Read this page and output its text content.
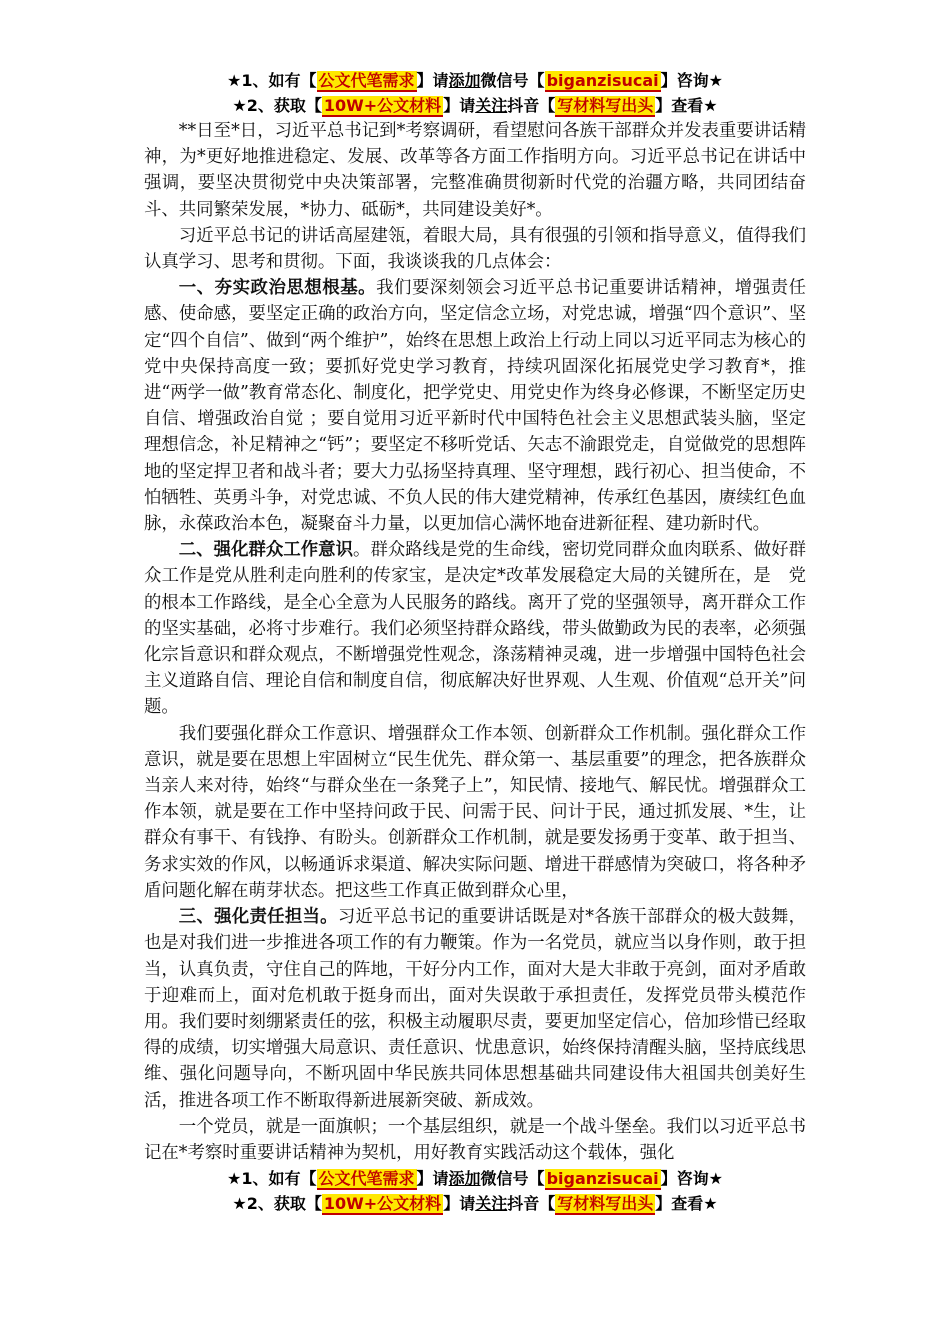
★1、如有【 公文代笔需求 】请添加微信号【 biganzisucai 】咨询★
★2、获取【 10W+公文材料 】请关注抖音【 写材料写出头 】查看★

**日至*日，习近平总书记到*考察调研，看望慰问各族干部群众并发表重要讲话精神，为*更好地推进稳定、发展、改革等各方面工作指明方向。习近平总书记在讲话中强调，要坚决贯彻党中央决策部署，完整准确贯彻新时代党的治疆方略，共同团结奋斗、共同繁荣发展，*协力、砥砺*，共同建设美好*。

习近平总书记的讲话高屋建瓴，着眼大局，具有很强的引领和指导意义，值得我们认真学习、思考和贯彻。下面，我谈谈我的几点体会：

一、夯实政治思想根基。我们要深刻领会习近平总书记重要讲话精神，增强责任感、使命感，要坚定正确的政治方向，坚定信念立场，对党忠诚，增强“四个意识”、坚定“四个自信”、做到“两个维护”，始终在思想上政治上行动上同以习近平同志为核心的党中央保持高度一致；要抓好党史学习教育，持续巩固深化拓展党史学习教育*，推进“两学一做”教育常态化、制度化，把学党史、用党史作为终身必修课，不断坚定历史自信、增强政治自觉 ；要自觉用习近平新时代中国特色社会主义思想武装头脑，坚定理想信念，补足精神之“钙”；要坚定不移听党话、矢志不渝跟党走，自觉做党的思想阵地的坚定捍卫者和战斗者；要大力弘扬坚持真理、坚守理想，践行初心、担当使命，不怕牺牲、英勇斗争，对党忠诚、不负人民的伟大建党精神，传承红色基因，赓续红色血脉，永葆政治本色，凝聚奋斗力量，以更加信心满怀地奋进新征程、建功新时代。

二、强化群众工作意识。群众路线是党的生命线，密切党同群众血肉联系、做好群众工作是党从胜利走向胜利的传家宝，是决定*改革发展稳定大局的关键所在，是　党的根本工作路线，是全心全意为人民服务的路线。离开了党的坚强领导，离开群众工作的坚实基础，必将寸步难行。我们必须坚持群众路线，带头做勤政为民的表率，必须强化宗旨意识和群众观点，不断增强党性观念，涤荡精神灵魂，进一步增强中国特色社会主义道路自信、理论自信和制度自信，彻底解决好世界观、人生观、价值观“总开关”问题。

我们要强化群众工作意识、增强群众工作本领、创新群众工作机制。强化群众工作意识，就是要在思想上牢固树立“民生优先、群众第一、基层重要”的理念，把各族群众当亲人来对待，始终“与群众坐在一条凳子上”，知民情、接地气、解民忧。增强群众工作本领，就是要在工作中坚持问政于民、问需于民、问计于民，通过抓发展、*生，让群众有事干、有钱挣、有盼头。创新群众工作机制，就是要发扬勇于变革、敢于担当、务求实效的作风，以畅通诉求渠道、解决实际问题、增进干群感情为突破口，将各种矛盾问题化解在萌芽状态。把这些工作真正做到群众心里，

三、强化责任担当。习近平总书记的重要讲话既是对*各族干部群众的极大鼓舞，也是对我们进一步推进各项工作的有力鞭策。作为一名党员，就应当以身作则，敢于担当，认真负责，守住自己的阵地，干好分内工作，面对大是大非敢于亮剑，面对矛盾敢于迎难而上，面对危机敢于挺身而出，面对失误敢于承担责任，发挥党员带头模范作用。我们要时刻绷紧责任的弦，积极主动履职尽责，要更加坚定信心，倍加珍惜已经取得的成绩，切实增强大局意识、责任意识、忧患意识，始终保持清醒头脑，坚持底线思维、强化问题导向，不断巩固中华民族共同体思想基础共同建设伟大祖国共创美好生活，推进各项工作不断取得新进展新突破、新成效。

一个党员，就是一面旗帜；一个基层组织，就是一个战斗堡垒。我们以习近平总书记在*考察时重要讲话精神为契机，用好教育实践活动这个载体，强化

★1、如有【 公文代笔需求 】请添加微信号【 biganzisucai 】咨询★
★2、获取【 10W+公文材料 】请关注抖音【 写材料写出头 】查看★
